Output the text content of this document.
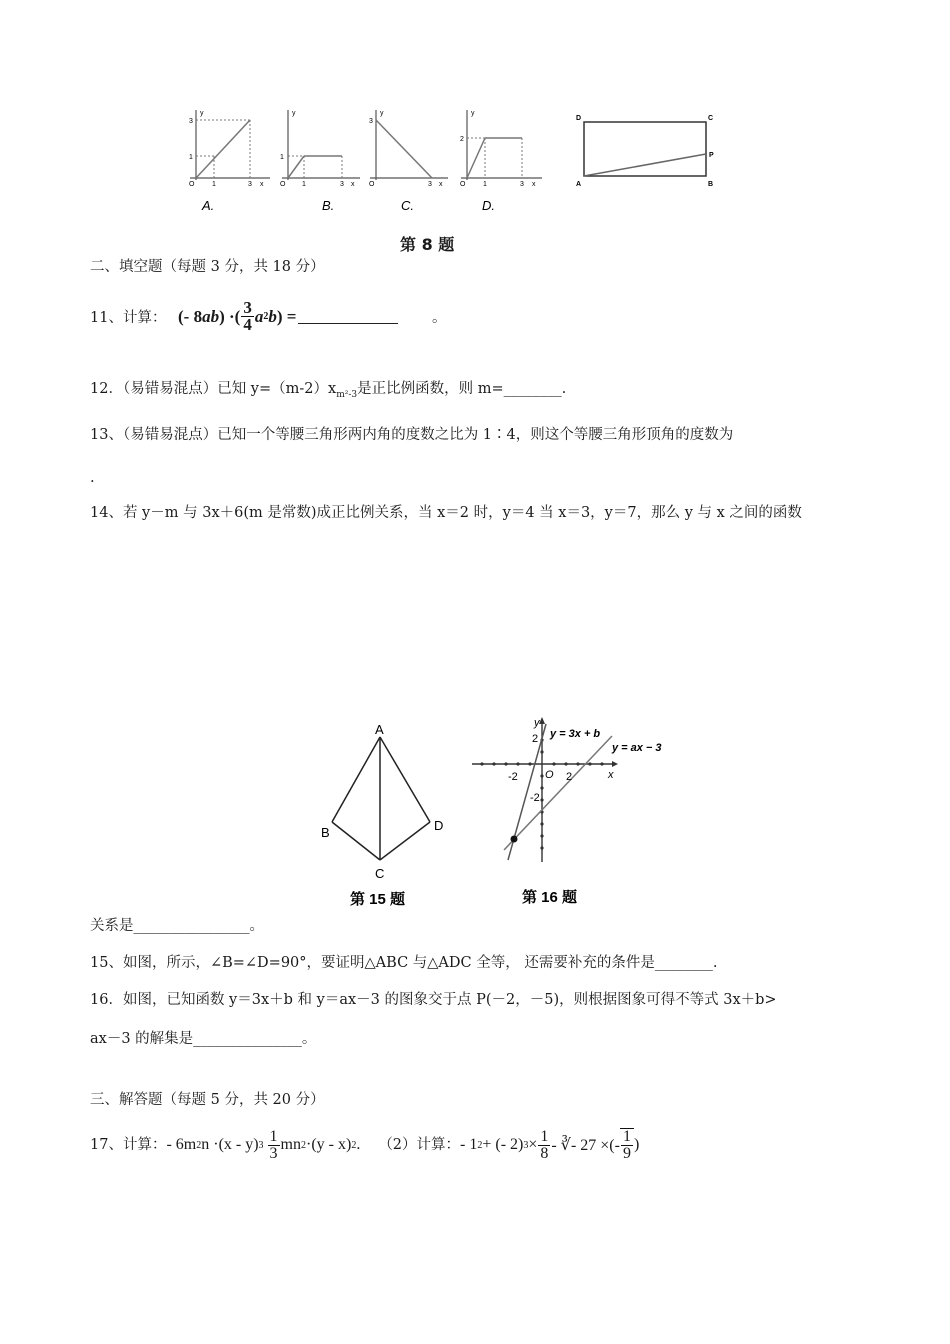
y
3
1
O	1	3 x
y
1
O 1	3 x
y
3
O	3 x
y
2
O	1	3 x
D	C
A	B
P
A.	B.	C.	D.
第 8 题
二、填空题（每题 3 分，共 18 分）
11、计算： (- 8 ab ) ·( $\frac{3}{4}$ a 2 b ) =	。
12．（易错易混点）已知 $y=(m-2)x_{m^2-3}$是正比例函数，则 m=________.
13、（易错易混点）已知一个等腰三角形两内角的度数之比为 1∶4，则这个等腰三角形顶角的度数为
.
14、若 y－m 与 3x＋6(m 是常数)成正比例关系，当 x＝2 时，y＝4 当 x＝3，y＝7，那么 y 与 x 之间的函数
A
B
C
D
第 15 题
y
x
O
-2	2
2
-2
y = 3x + b
y = ax − 3
第 16 题
关系是________________。
15、如图，所示，∠B=∠D=90°，要证明△ABC 与△ADC 全等， 还需要补充的条件是________.
16．如图，已知函数 y＝3x＋b 和 y＝ax－3 的图象交于点 P(－2，－5)，则根据图象可得不等式 3x＋b>
ax－3 的解集是_______________。
三、解答题（每题 5 分，共 20 分）
17、计算： - 6m 2 n ·(x - y) $3 \frac{1}{3}$ mn 2 ·(y - x) 2 . （2）计算： - 1 2 + (- 2) $3 \times \frac{1}{8}$ - ∛- 27 ×(- $\frac{1}{9}$ )
